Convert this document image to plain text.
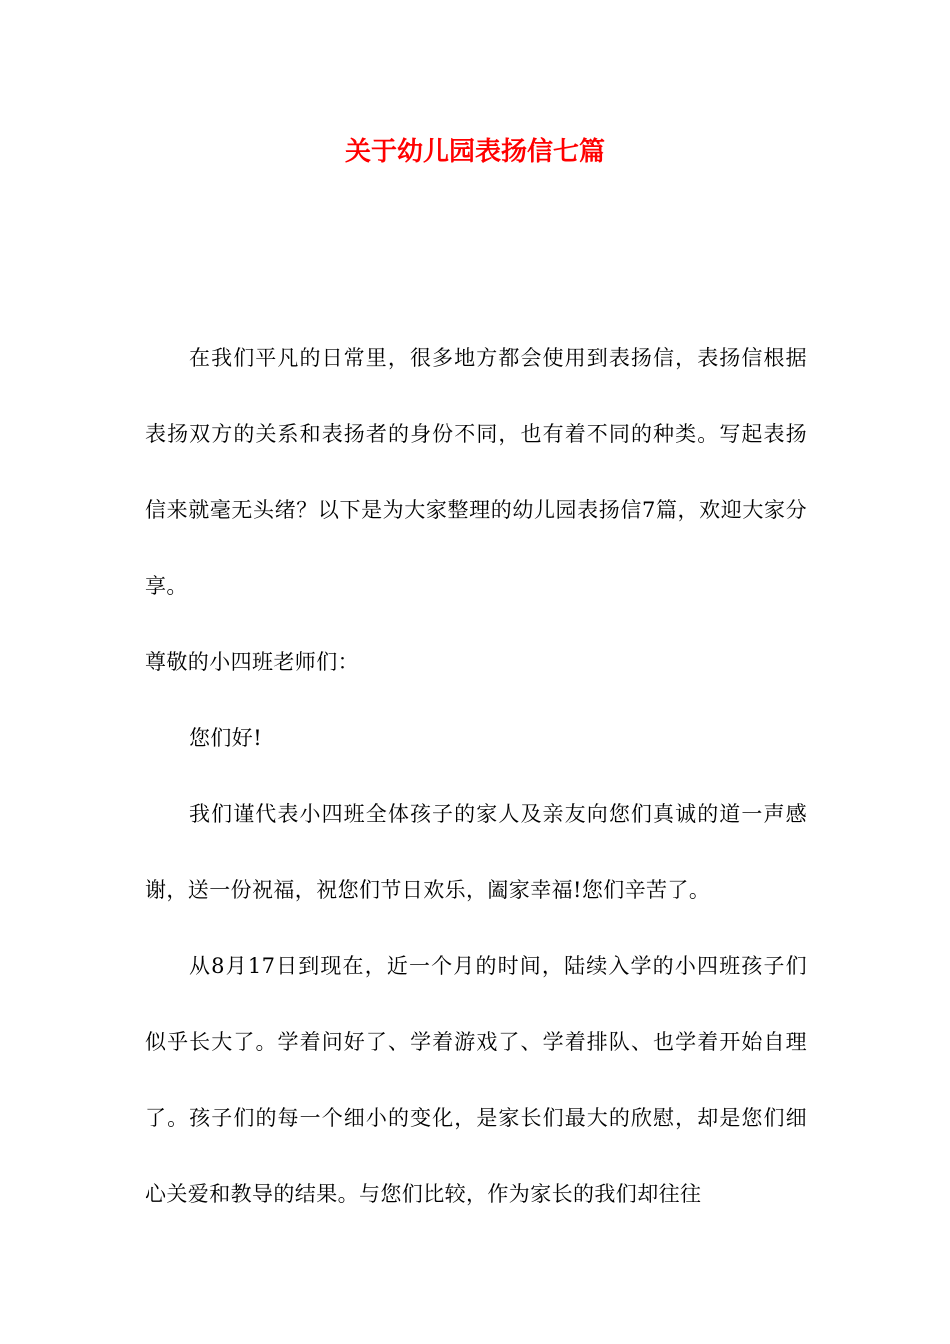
关于幼儿园表扬信七篇

在我们平凡的日常里，很多地方都会使用到表扬信，表扬信根据表扬双方的关系和表扬者的身份不同，也有着不同的种类。写起表扬信来就毫无头绪？以下是为大家整理的幼儿园表扬信7篇，欢迎大家分享。

尊敬的小四班老师们：

您们好!

我们谨代表小四班全体孩子的家人及亲友向您们真诚的道一声感谢，送一份祝福，祝您们节日欢乐，阖家幸福!您们辛苦了。

从8月17日到现在，近一个月的时间，陆续入学的小四班孩子们似乎长大了。学着问好了、学着游戏了、学着排队、也学着开始自理了。孩子们的每一个细小的变化，是家长们最大的欣慰，却是您们细心关爱和教导的结果。与您们比较，作为家长的我们却往往
